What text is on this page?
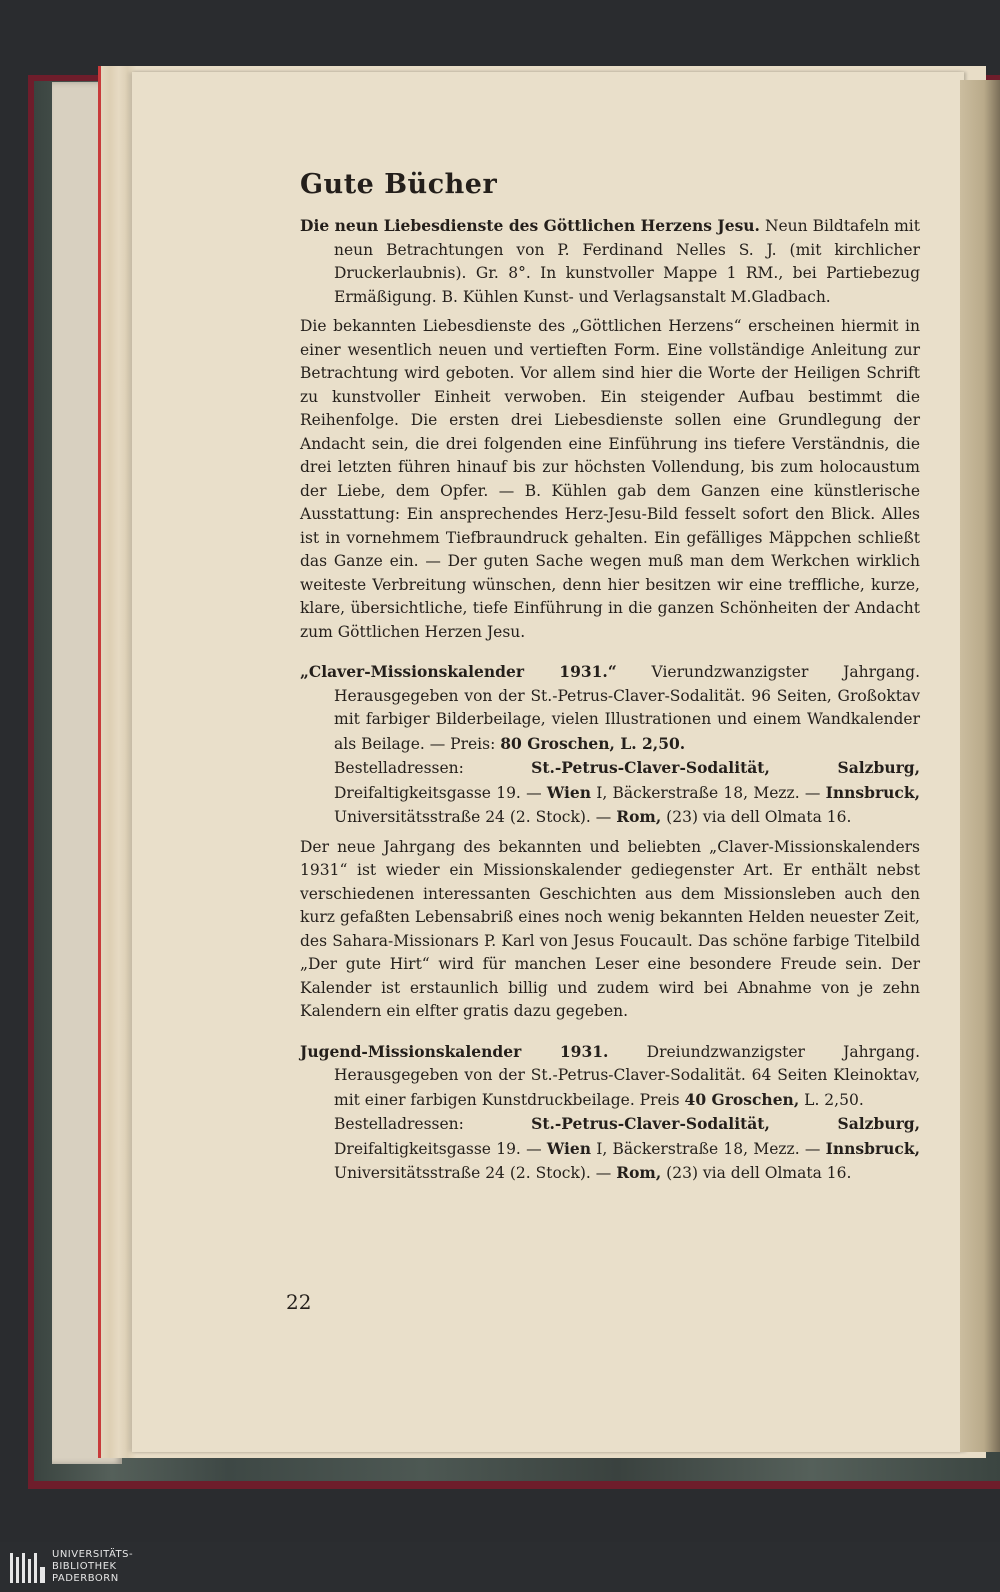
Gute Bücher

Die neun Liebesdienste des Göttlichen Herzens Jesu. Neun Bildtafeln mit neun Betrachtungen von P. Ferdinand Nelles S. J. (mit kirchlicher Druckerlaubnis). Gr. 8°. In kunstvoller Mappe 1 RM., bei Partiebezug Ermäßigung. B. Kühlen Kunst- und Verlagsanstalt M.Gladbach.

Die bekannten Liebesdienste des „Göttlichen Herzens“ erscheinen hiermit in einer wesentlich neuen und vertieften Form. Eine vollständige Anleitung zur Betrachtung wird geboten. Vor allem sind hier die Worte der Heiligen Schrift zu kunstvoller Einheit verwoben. Ein steigender Aufbau bestimmt die Reihenfolge. Die ersten drei Liebesdienste sollen eine Grundlegung der Andacht sein, die drei folgenden eine Einführung ins tiefere Verständnis, die drei letzten führen hinauf bis zur höchsten Vollendung, bis zum holocaustum der Liebe, dem Opfer. — B. Kühlen gab dem Ganzen eine künstlerische Ausstattung: Ein ansprechendes Herz-Jesu-Bild fesselt sofort den Blick. Alles ist in vornehmem Tiefbraundruck gehalten. Ein gefälliges Mäppchen schließt das Ganze ein. — Der guten Sache wegen muß man dem Werkchen wirklich weiteste Verbreitung wünschen, denn hier besitzen wir eine treffliche, kurze, klare, übersichtliche, tiefe Einführung in die ganzen Schönheiten der Andacht zum Göttlichen Herzen Jesu.

„Claver-Missionskalender 1931.“ Vierundzwanzigster Jahrgang. Herausgegeben von der St.-Petrus-Claver-Sodalität. 96 Seiten, Großoktav mit farbiger Bilderbeilage, vielen Illustrationen und einem Wandkalender als Beilage. — Preis: 80 Groschen, L. 2,50.

Bestelladressen:	St.-Petrus-Claver-Sodalität, Salzburg, Dreifaltigkeitsgasse 19. — Wien I, Bäckerstraße 18, Mezz. — Innsbruck, Universitätsstraße 24 (2. Stock). — Rom, (23) via dell Olmata 16.

Der neue Jahrgang des bekannten und beliebten „Claver-Missionskalenders 1931“ ist wieder ein Missionskalender gediegenster Art. Er enthält nebst verschiedenen interessanten Geschichten aus dem Missionsleben auch den kurz gefaßten Lebensabriß eines noch wenig bekannten Helden neuester Zeit, des Sahara-Missionars P. Karl von Jesus Foucault. Das schöne farbige Titelbild „Der gute Hirt“ wird für manchen Leser eine besondere Freude sein. Der Kalender ist erstaunlich billig und zudem wird bei Abnahme von je zehn Kalendern ein elfter gratis dazu gegeben.

Jugend-Missionskalender 1931. Dreiundzwanzigster Jahrgang. Herausgegeben von der St.-Petrus-Claver-Sodalität. 64 Seiten Kleinoktav, mit einer farbigen Kunstdruckbeilage. Preis 40 Groschen, L. 2,50.

Bestelladressen:	St.-Petrus-Claver-Sodalität, Salzburg, Dreifaltigkeitsgasse 19. — Wien I, Bäckerstraße 18, Mezz. — Innsbruck, Universitätsstraße 24 (2. Stock). — Rom, (23) via dell Olmata 16.

22
UNIVERSITÄTS-
BIBLIOTHEK
PADERBORN
